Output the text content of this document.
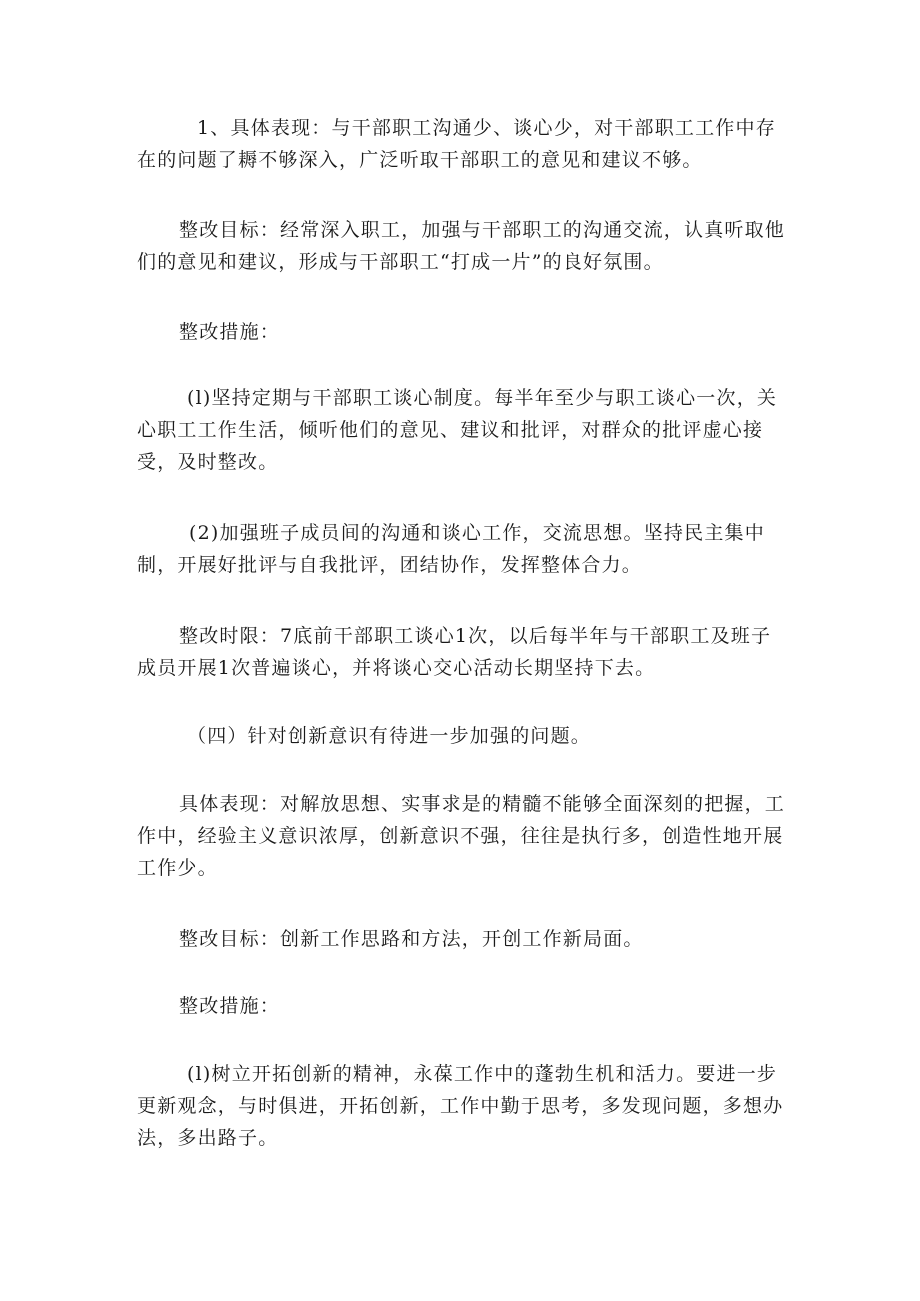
1、具体表现：与干部职工沟通少、谈心少，对干部职工工作中存在的问题了耨不够深入，广泛听取干部职工的意见和建议不够。

整改目标：经常深入职工，加强与干部职工的沟通交流，认真听取他们的意见和建议，形成与干部职工“打成一片”的良好氛围。

整改措施：

(l)坚持定期与干部职工谈心制度。每半年至少与职工谈心一次，关心职工工作生活，倾听他们的意见、建议和批评，对群众的批评虚心接受，及时整改。

(2)加强班子成员间的沟通和谈心工作，交流思想。坚持民主集中制，开展好批评与自我批评，团结协作，发挥整体合力。

整改时限：7底前干部职工谈心1次，以后每半年与干部职工及班子成员开展1次普遍谈心，并将谈心交心活动长期坚持下去。

（四）针对创新意识有待进一步加强的问题。

具体表现：对解放思想、实事求是的精髓不能够全面深刻的把握，工作中，经验主义意识浓厚，创新意识不强，往往是执行多，创造性地开展工作少。

整改目标：创新工作思路和方法，开创工作新局面。

整改措施：

(l)树立开拓创新的精神，永葆工作中的蓬勃生机和活力。要进一步更新观念，与时俱进，开拓创新，工作中勤于思考，多发现问题，多想办法，多出路子。
